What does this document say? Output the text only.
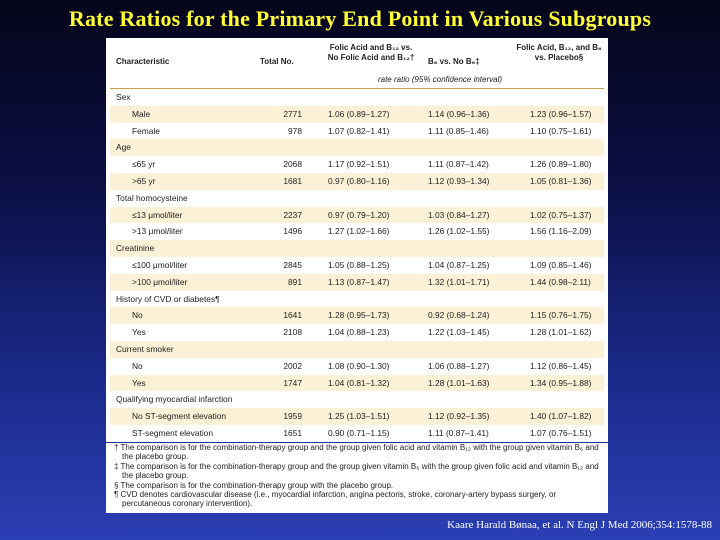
Rate Ratios for the Primary End Point in Various Subgroups
Characteristic	Total No.
Folic Acid and B₁₂ vs.
No Folic Acid and B₁₂†	B₆ vs. No B₆‡
Folic Acid, B₁₂, and B₆
vs. Placebo§
rate ratio (95% confidence interval)
Sex
Male	2771	1.06 (0.89–1.27)	1.14 (0.96–1.36)	1.23 (0.96–1.57)
Female	978	1.07 (0.82–1.41)	1.11 (0.85–1.46)	1.10 (0.75–1.61)
Age
≤65 yr	2068	1.17 (0.92–1.51)	1.11 (0.87–1.42)	1.26 (0.89–1.80)
>65 yr	1681	0.97 (0.80–1.16)	1.12 (0.93–1.34)	1.05 (0.81–1.36)
Total homocysteine
≤13 μmol/liter	2237	0.97 (0.79–1.20)	1.03 (0.84–1.27)	1.02 (0.75–1.37)
>13 μmol/liter	1496	1.27 (1.02–1.66)	1.26 (1.02–1.55)	1.56 (1.16–2.09)
Creatinine
≤100 μmol/liter	2845	1.05 (0.88–1.25)	1.04 (0.87–1.25)	1.09 (0.85–1.46)
>100 μmol/liter	891	1.13 (0.87–1.47)	1.32 (1.01–1.71)	1.44 (0.98–2.11)
History of CVD or diabetes¶
No	1641	1.28 (0.95–1.73)	0.92 (0.68–1.24)	1.15 (0.76–1.75)
Yes	2108	1.04 (0.88–1.23)	1.22 (1.03–1.45)	1.28 (1.01–1.62)
Current smoker
No	2002	1.08 (0.90–1.30)	1.06 (0.88–1.27)	1.12 (0.86–1.45)
Yes	1747	1.04 (0.81–1.32)	1.28 (1.01–1.63)	1.34 (0.95–1.88)
Qualifying myocardial infarction
No ST-segment elevation	1959	1.25 (1.03–1.51)	1.12 (0.92–1.35)	1.40 (1.07–1.82)
ST-segment elevation	1651	0.90 (0.71–1.15)	1.11 (0.87–1.41)	1.07 (0.76–1.51)
† The comparison is for the combination-therapy group and the group given folic acid and vitamin B₁₂ with the group given vitamin B₆ and the placebo group.
‡ The comparison is for the combination-therapy group and the group given vitamin B₆ with the group given folic acid and vitamin B₁₂ and the placebo group.
§ The comparison is for the combination-therapy group with the placebo group.
¶ CVD denotes cardiovascular disease (i.e., myocardial infarction, angina pectoris, stroke, coronary-artery bypass surgery, or percutaneous coronary intervention).
Kaare Harald Bønaa, et al. N Engl J Med 2006;354:1578-88
